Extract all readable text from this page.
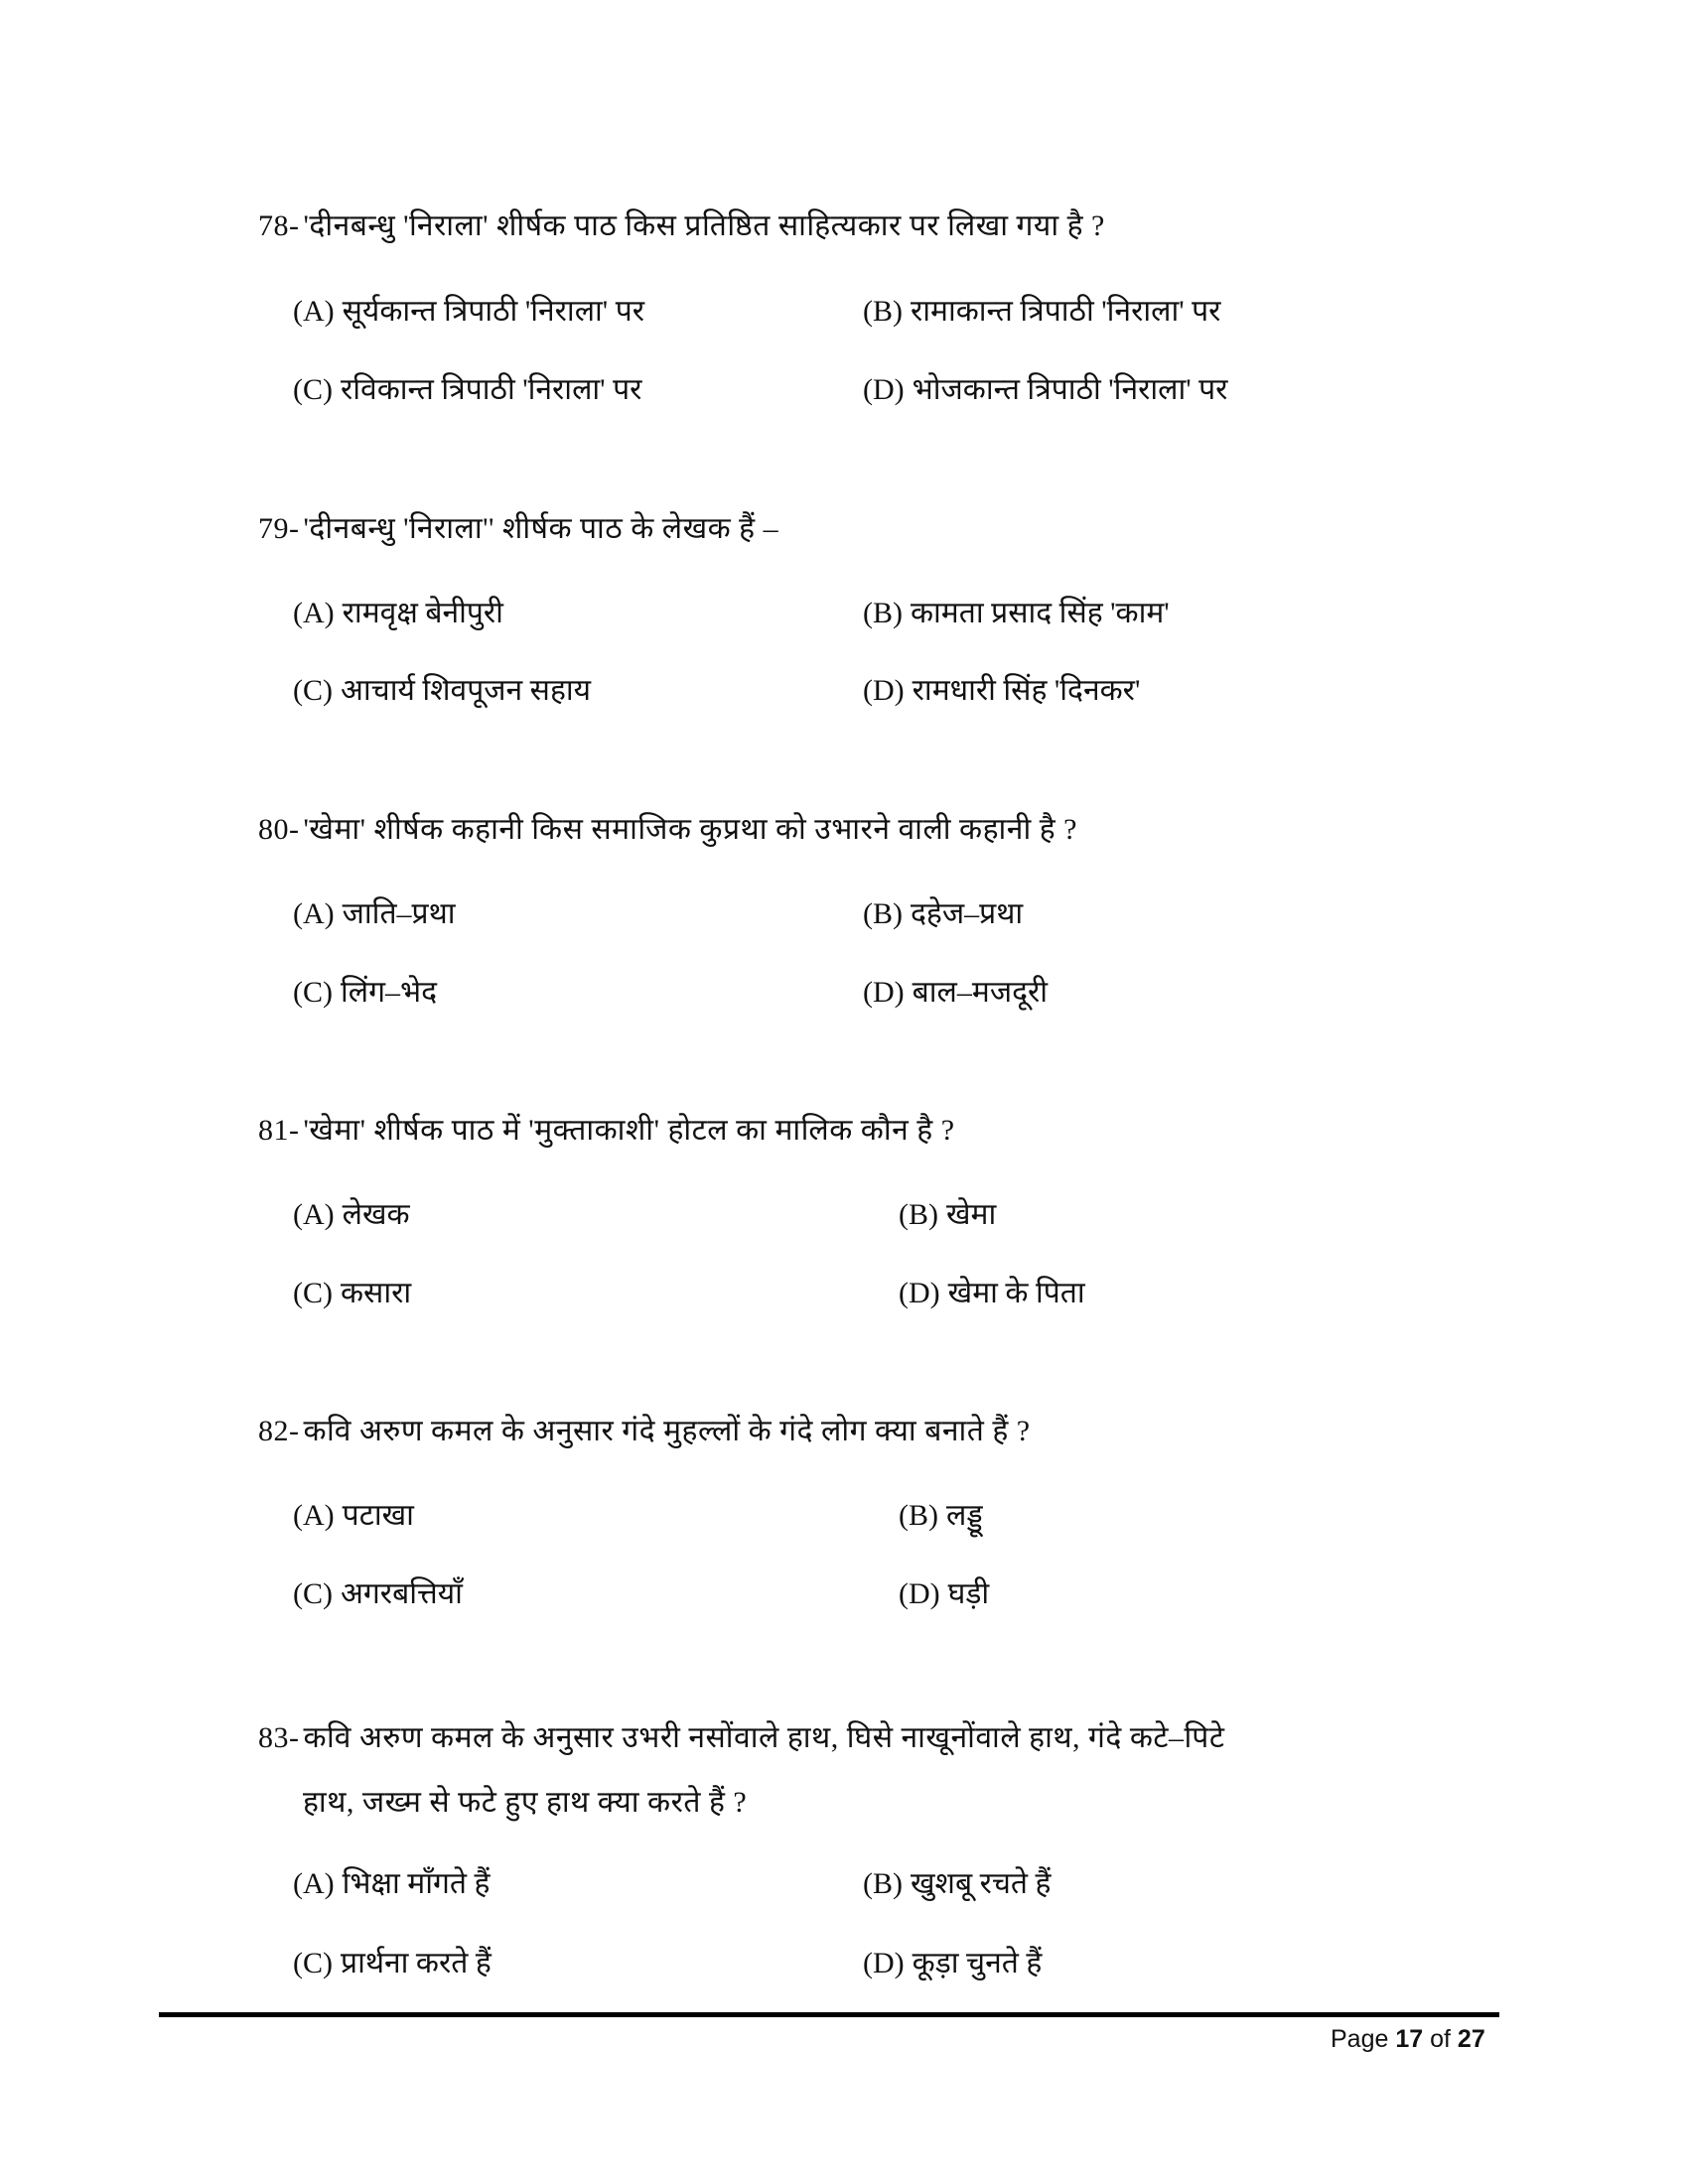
78- 'दीनबन्धु 'निराला' शीर्षक पाठ किस प्रतिष्ठित साहित्यकार पर लिखा गया है ?
(A) सूर्यकान्त त्रिपाठी 'निराला' पर	(B) रामाकान्त त्रिपाठी 'निराला' पर
(C) रविकान्त त्रिपाठी 'निराला' पर	(D) भोजकान्त त्रिपाठी 'निराला' पर
79- 'दीनबन्धु 'निराला'' शीर्षक पाठ के लेखक हैं –
(A) रामवृक्ष बेनीपुरी	(B) कामता प्रसाद सिंह 'काम'
(C) आचार्य शिवपूजन सहाय	(D) रामधारी सिंह 'दिनकर'
80- 'खेमा' शीर्षक कहानी किस समाजिक कुप्रथा को उभारने वाली कहानी है ?
(A) जाति–प्रथा	(B) दहेज–प्रथा
(C) लिंग–भेद	(D) बाल–मजदूरी
81- 'खेमा' शीर्षक पाठ में 'मुक्ताकाशी' होटल का मालिक कौन है ?
(A) लेखक	(B) खेमा
(C) कसारा	(D) खेमा के पिता
82- कवि अरुण कमल के अनुसार गंदे मुहल्लों के गंदे लोग क्या बनाते हैं ?
(A) पटाखा	(B) लड्डू
(C) अगरबत्तियाँ	(D) घड़ी
83- कवि अरुण कमल के अनुसार उभरी नसोंवाले हाथ, घिसे नाखूनोंवाले हाथ, गंदे कटे–पिटे
हाथ, जख्म से फटे हुए हाथ क्या करते हैं ?
(A) भिक्षा माँगते हैं	(B) खुशबू रचते हैं
(C) प्रार्थना करते हैं	(D) कूड़ा चुनते हैं
Page 17 of 27
